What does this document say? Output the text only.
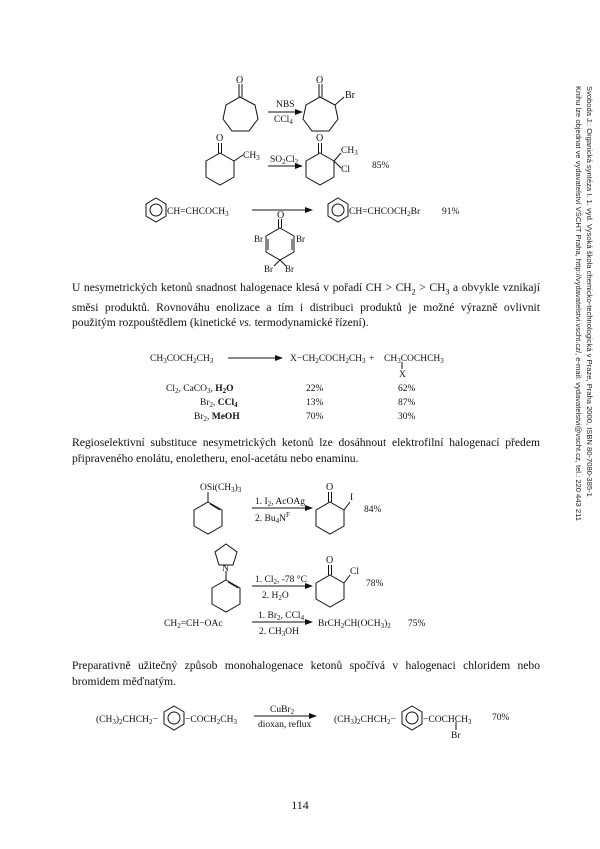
Svoboda J.: Organická syntéza I. 1. vyd. Vysoká škola chemicko-technologická v Praze, Praha 2000, ISBN 80-7080-385-1
Knihu lze objednat ve vydavatelství VŠCHT Praha, http://vydavatelstvi.vscht.cz/, e-mail: vydavatelstvi@vscht.cz, tel.: 220 443 211
O	O
Br
NBS
CCl$_4$
O	O
$CH_3$ $SO_2Cl_2$
$CH_3$
Cl 85%
$CH=CHCOCH_3$	O
Br	Br
Br Br
$CH=CHCOCH_2Br$ 91%
$CH_3COCH_2CH_3$	$X-CH_2COCH_2CH_3$ + $CH_3COCHCH_3$
X
$Cl_2$, CaCO$_3$, $H_2O$	22%	62%
$Br_2$, CCl$_4$	13%	87%
$Br_2$, MeOH	70%	30%
$OSi(CH_3)_3$
1. $I_2$, AcOAg
2. $Bu_4N^F$
O
I
84%
N
1. $Cl_2$, -78 °C
2. $H_2O$
O
Cl
78%
$CH_2=CH-OAc$
1. $Br_2$, CCl$_4$
2. $CH_3OH$
$BrCH_2CH(OCH_3)_2$ 75%
$(CH_3)_2CHCH_2-$	$-COCH_2CH_3$
CuBr$_2$
dioxan, reflux $(CH_3)_2CHCH_2-$	$-COCHCH_3$
Br
70%

U nesymetrických ketonů snadnost halogenace klesá v pořadí CH > $CH_2 > CH_3$ a obvykle vznikají směsi produktů. Rovnováhu enolizace a tím i distribuci produktů je možné výrazně ovlivnit použitým rozpouštědlem (kinetické vs. termodynamické řízení).

Regioselektivní substituce nesymetrických ketonů lze dosáhnout elektrofilní halogenací předem připraveného enolátu, enoletheru, enol-acetátu nebo enaminu.

Preparativně užitečný způsob monohalogenace ketonů spočívá v halogenaci chloridem nebo bromidem měďnatým.

114
